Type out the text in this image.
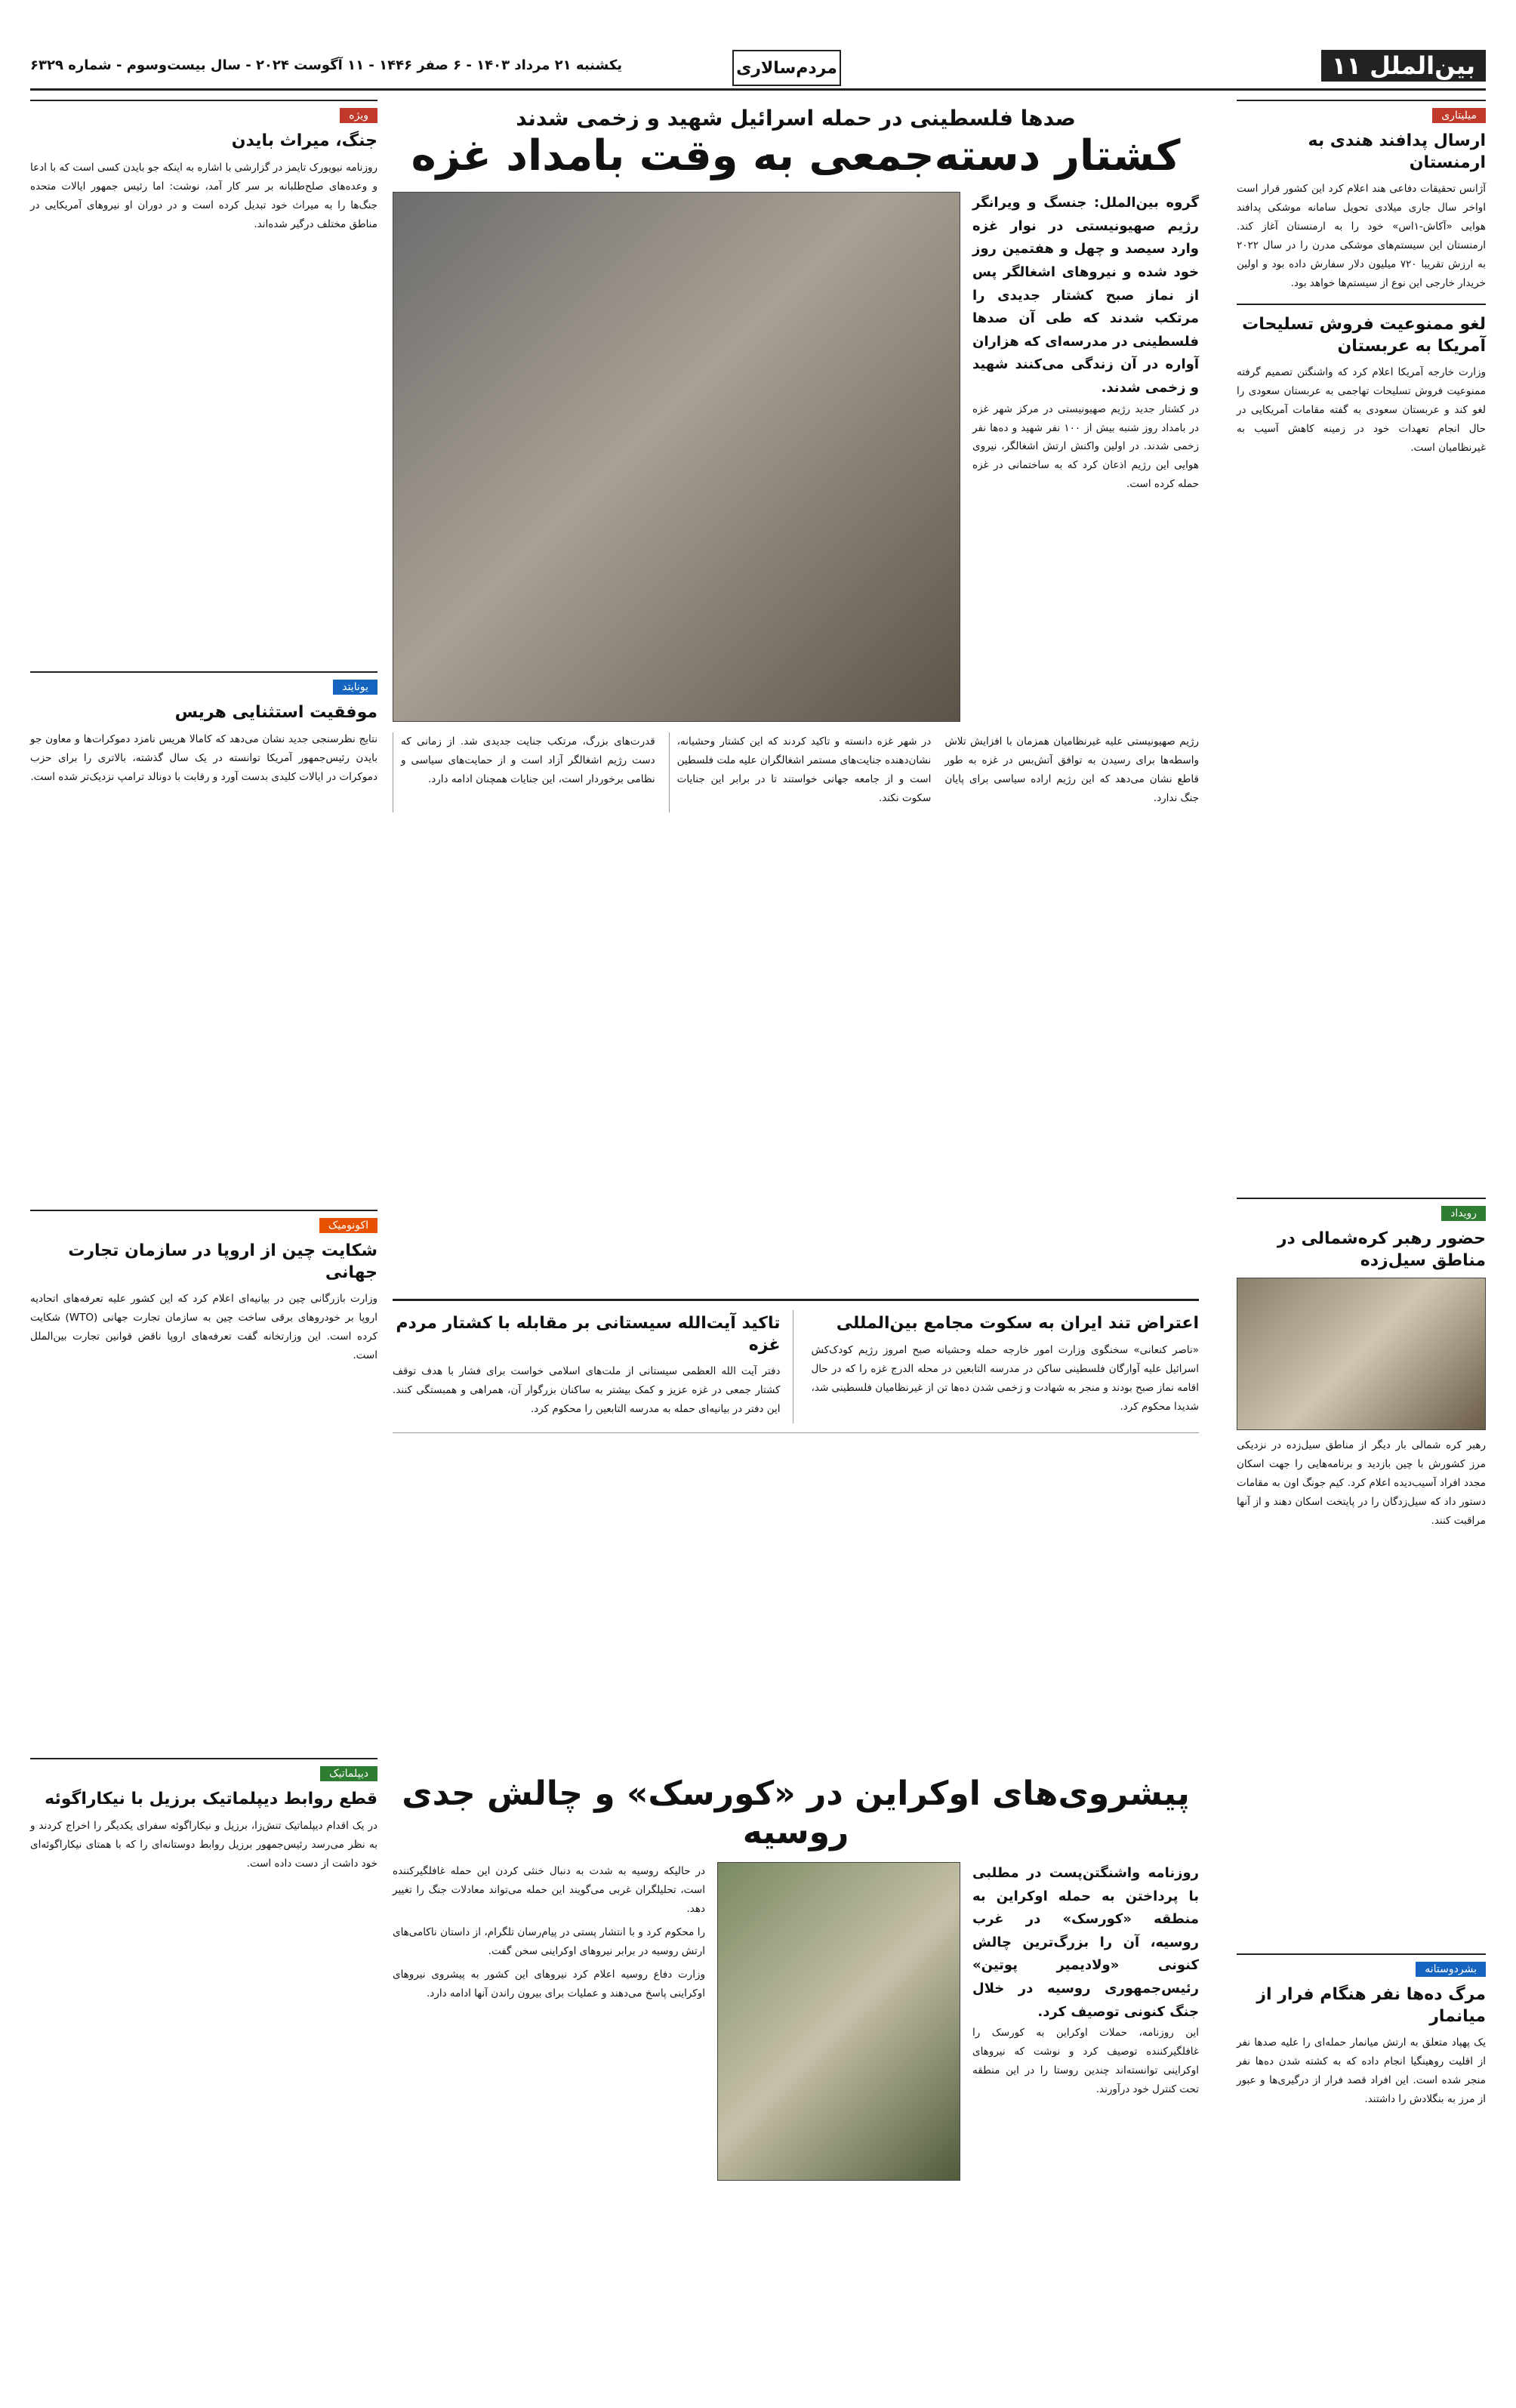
بین‌الملل ۱۱
مردم‌سالاری
یکشنبه ۲۱ مرداد ۱۴۰۳ - ۶ صفر ۱۴۴۶ - ۱۱ آگوست ۲۰۲۴ - سال بیست‌وسوم - شماره ۶۳۲۹
میلیتاری
ارسال پدافند هندی به ارمنستان

آژانس تحقیقات دفاعی هند اعلام کرد این کشور قرار است اواخر سال جاری میلادی تحویل سامانه موشکی پدافند هوایی «آکاش-۱اس» خود را به ارمنستان آغاز کند. ارمنستان این سیستم‌های موشکی مدرن را در سال ۲۰۲۲ به ارزش تقریبا ۷۲۰ میلیون دلار سفارش داده بود و اولین خریدار خارجی این نوع از سیستم‌ها خواهد بود.

لغو ممنوعیت فروش تسلیحات آمریکا به عربستان

وزارت خارجه آمریکا اعلام کرد که واشنگتن تصمیم گرفته ممنوعیت فروش تسلیحات تهاجمی به عربستان سعودی را لغو کند و عربستان سعودی به گفته مقامات آمریکایی در حال انجام تعهدات خود در زمینه کاهش آسیب به غیرنظامیان است.

رویداد
حضور رهبر کره‌شمالی در مناطق سیل‌زده

رهبر کره شمالی بار دیگر از مناطق سیل‌زده در نزدیکی مرز کشورش با چین بازدید و برنامه‌هایی را جهت اسکان مجدد افراد آسیب‌دیده اعلام کرد. کیم جونگ اون به مقامات دستور داد که سیل‌زدگان را در پایتخت اسکان دهند و از آنها مراقبت کنند.

بشردوستانه
مرگ ده‌ها نفر هنگام فرار از میانمار

یک پهپاد متعلق به ارتش میانمار حمله‌ای را علیه صدها نفر از اقلیت روهینگیا انجام داده که به کشته شدن ده‌ها نفر منجر شده است. این افراد قصد فرار از درگیری‌ها و عبور از مرز به بنگلادش را داشتند.

صدها فلسطینی در حمله اسرائیل شهید و زخمی شدند
کشتار دسته‌جمعی به وقت بامداد غزه
گروه بین‌الملل: جنسگ و ویرانگر رژیم صهیونیستی در نوار غزه وارد سیصد و چهل و هفتمین روز خود شده و نیروهای اشغالگر پس از نماز صبح کشتار جدیدی را مرتکب شدند که طی آن صدها فلسطینی در مدرسه‌ای که هزاران آواره در آن زندگی می‌کنند شهید و زخمی شدند.

در کشتار جدید رژیم صهیونیستی در مرکز شهر غزه در بامداد روز شنبه بیش از ۱۰۰ نفر شهید و ده‌ها نفر زخمی شدند. در اولین واکنش ارتش اشغالگر، نیروی هوایی این رژیم اذعان کرد که به ساختمانی در غزه حمله کرده است.

رژیم صهیونیستی علیه غیرنظامیان همزمان با افزایش تلاش واسطه‌ها برای رسیدن به توافق آتش‌بس در غزه به طور قاطع نشان می‌دهد که این رژیم اراده سیاسی برای پایان جنگ ندارد.

در شهر غزه دانسته و تاکید کردند که این کشتار وحشیانه، نشان‌دهنده جنایت‌های مستمر اشغالگران علیه ملت فلسطین است و از جامعه جهانی خواستند تا در برابر این جنایات سکوت نکند.

قدرت‌های بزرگ، مرتکب جنایت جدیدی شد. از زمانی که دست رژیم اشغالگر آزاد است و از حمایت‌های سیاسی و نظامی برخوردار است، این جنایات همچنان ادامه دارد.

اعتراض تند ایران به سکوت مجامع بین‌المللی

«ناصر کنعانی» سخنگوی وزارت امور خارجه حمله وحشیانه صبح امروز رژیم کودک‌کش اسرائیل علیه آوارگان فلسطینی ساکن در مدرسه التابعین در محله الدرج غزه را که در حال اقامه نماز صبح بودند و منجر به شهادت و زخمی شدن ده‌ها تن از غیرنظامیان فلسطینی شد، شدیدا محکوم کرد.

تاکید آیت‌الله سیستانی بر مقابله با کشتار مردم غزه

دفتر آیت الله العظمی سیستانی از ملت‌های اسلامی خواست برای فشار با هدف توقف کشتار جمعی در غزه عزیز و کمک بیشتر به ساکنان بزرگوار آن، همراهی و همبستگی کنند. این دفتر در بیانیه‌ای حمله به مدرسه التابعین را محکوم کرد.

پیشروی‌های اوکراین در «کورسک» و چالش جدی روسیه
روزنامه واشنگتن‌پست در مطلبی با پرداختن به حمله اوکراین به منطقه «کورسک» در غرب روسیه، آن را بزرگ‌ترین چالش کنونی «ولادیمیر پوتین» رئیس‌جمهوری روسیه در خلال جنگ کنونی توصیف کرد.

این روزنامه، حملات اوکراین به کورسک را غافلگیرکننده توصیف کرد و نوشت که نیروهای اوکراینی توانسته‌اند چندین روستا را در این منطقه تحت کنترل خود درآورند.

در حالیکه روسیه به شدت به دنبال خنثی کردن این حمله غافلگیرکننده است، تحلیلگران غربی می‌گویند این حمله می‌تواند معادلات جنگ را تغییر دهد.

را محکوم کرد و با انتشار پستی در پیام‌رسان تلگرام، از داستان ناکامی‌های ارتش روسیه در برابر نیروهای اوکراینی سخن گفت.

وزارت دفاع روسیه اعلام کرد نیروهای این کشور به پیشروی نیروهای اوکراینی پاسخ می‌دهند و عملیات برای بیرون راندن آنها ادامه دارد.

ویژه
جنگ، میراث بایدن

روزنامه نیویورک تایمز در گزارشی با اشاره به اینکه جو بایدن کسی است که با ادعا و وعده‌های صلح‌طلبانه بر سر کار آمد، نوشت: اما رئیس جمهور ایالات متحده جنگ‌ها را به میراث خود تبدیل کرده است و در دوران او نیروهای آمریکایی در مناطق مختلف درگیر شده‌اند.

یونایتد
موفقیت استثنایی هریس

نتایج نظرسنجی جدید نشان می‌دهد که کامالا هریس نامزد دموکرات‌ها و معاون جو بایدن رئیس‌جمهور آمریکا توانسته در یک سال گذشته، بالاتری را برای حزب دموکرات در ایالات کلیدی بدست آورد و رقابت با دونالد ترامپ نزدیک‌تر شده است.

اکونومیک
شکایت چین از اروپا در سازمان تجارت جهانی

وزارت بازرگانی چین در بیانیه‌ای اعلام کرد که این کشور علیه تعرفه‌های اتحادیه اروپا بر خودروهای برقی ساخت چین به سازمان تجارت جهانی (WTO) شکایت کرده است. این وزارتخانه گفت تعرفه‌های اروپا ناقض قوانین تجارت بین‌الملل است.

دیپلماتیک
قطع روابط دیپلماتیک برزیل با نیکاراگوئه

در یک اقدام دیپلماتیک تنش‌زا، برزیل و نیکاراگوئه سفرای یکدیگر را اخراج کردند و به نظر می‌رسد رئیس‌جمهور برزیل روابط دوستانه‌ای را که با همتای نیکاراگوئه‌ای خود داشت از دست داده است.
